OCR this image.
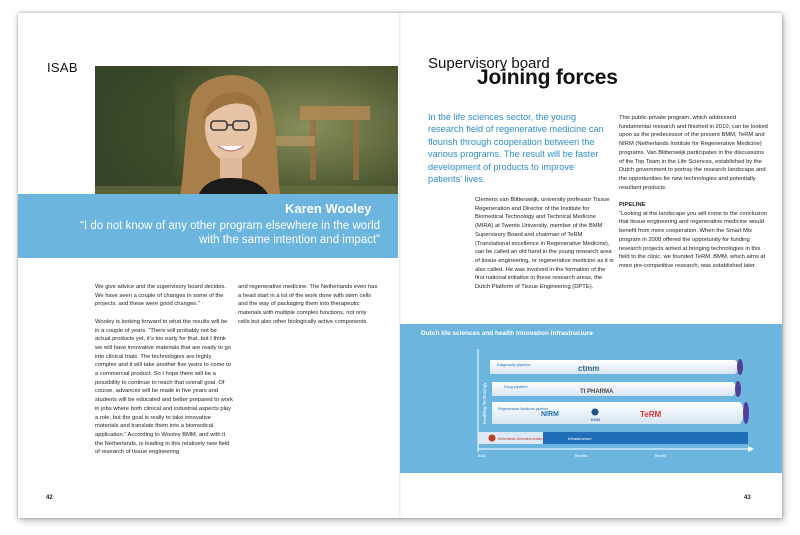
ISAB
Karen Wooley
“I do not know of any other program elsewhere in the world with the same intention and impact”

We give advice and the supervisory board decides. We have seen a couple of changes in some of the projects, and these were good changes.”

Wooley is looking forward to what the results will be in a couple of years. “There will probably not be actual products yet, it’s too early for that, but I think we will have innovative materials that are ready to go into clinical trials. The technologies are highly complex and it will take another five years to come to a commercial product. So I hope there will be a possibility to continue to reach that overall goal. Of course, advances will be made in five years and students will be educated and better prepared to work in jobs where both clinical and industrial aspects play a role, but the goal is really to take innovative materials and translate them into a biomedical application.” According to Wooley BMM, and with it the Netherlands, is leading in this relatively new field of research of tissue engineering

and regenerative medicine. The Netherlands even has a head start in a lot of the work done with stem cells and the way of packaging them into therapeutic materials with multiple complex functions, not only cells but also other biologically active components.

42
Supervisory board
Joining forces
In the life sciences sector, the young research field of regenerative medicine can flourish through cooperation between the various programs. The result will be faster development of products to improve patients’ lives.

Clemens van Blitterswijk, university professor Tissue Regeneration and Director of the Institute for Biomedical Technology and Technical Medicine (MIRA) at Twente University, member of the BMM Supervisory Board and chairman of TeRM (Translational excellence in Regenerative Medicine), can be called an old hand in the young research area of tissue engineering, or regenerative medicine as it is also called. He was involved in the formation of the first national initiative in these research areas, the Dutch Platform of Tissue Engineering (DPTE).

This public-private program, which addressed fundamental research and finished in 2010, can be looked upon as the predecessor of the present BMM, TeRM and NIRM (Netherlands Institute for Regenerative Medicine) programs. Van Blitterswijk participates in the discussions of the Top Team in the Life Sciences, established by the Dutch government to portray the research landscape and the opportunities for new technologies and potentially resultant products.

PIPELINE

“Looking at the landscape you will come to the conclusion that tissue engineering and regenerative medicine would benefit from more cooperation. When the Smart Mix program in 2008 offered the opportunity for funding research projects aimed at bringing technologies in this field to the clinic, we founded TeRM. BMM, which aims at more pre-competitive research, was established later.

Dutch life sciences and health innovation infrastructure
Enabling Technology
Diagnostic pipeline	ctmm
Drug pipeline
TI PHARMA
Regenerative Medicine pipeline
NIRM
BMM
TeRM
Netherlands Genomics Initiative	Infrastructure
Build	Benefits	Benefit
43
